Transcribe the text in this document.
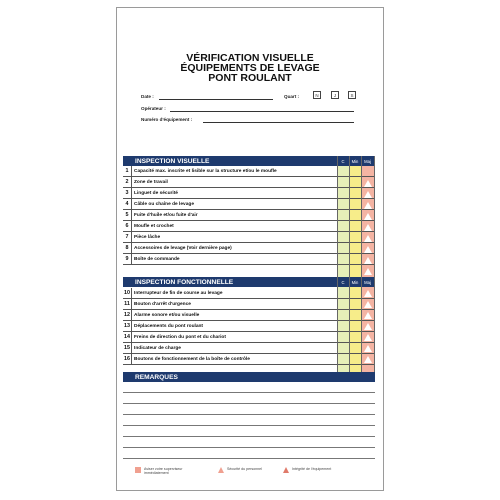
VÉRIFICATION VISUELLE
ÉQUIPEMENTS DE LEVAGE
PONT ROULANT
Date :	Quart :	N	J	S
Opérateur :
Numéro d'équipement :
INSPECTION VISUELLE	C	Min	Maj
1	Capacité max. inscrite et lisible sur la structure et/ou le moufle
2	Zone de travail
3	Linguet de sécurité
4	Câble ou chaîne de levage
5	Fuite d'huile et/ou fuite d'air
6	Moufle et crochet
7	Pièce lâche
8	Accessoires de levage (Voir dernière page)
9	Boîte de commande
INSPECTION FONCTIONNELLE	C	Min	Maj
10 Interrupteur de fin de course au levage
11 Bouton d'arrêt d'urgence
12 Alarme sonore et/ou visuelle
13 Déplacements du pont roulant
14 Freins de direction du pont et du chariot
15 Indicateur de charge
16 Boutons de fonctionnement de la boîte de contrôle
REMARQUES
Aviser votre superviseur immédiatement
Sécurité du personnel	Intégrité de l'équipement
